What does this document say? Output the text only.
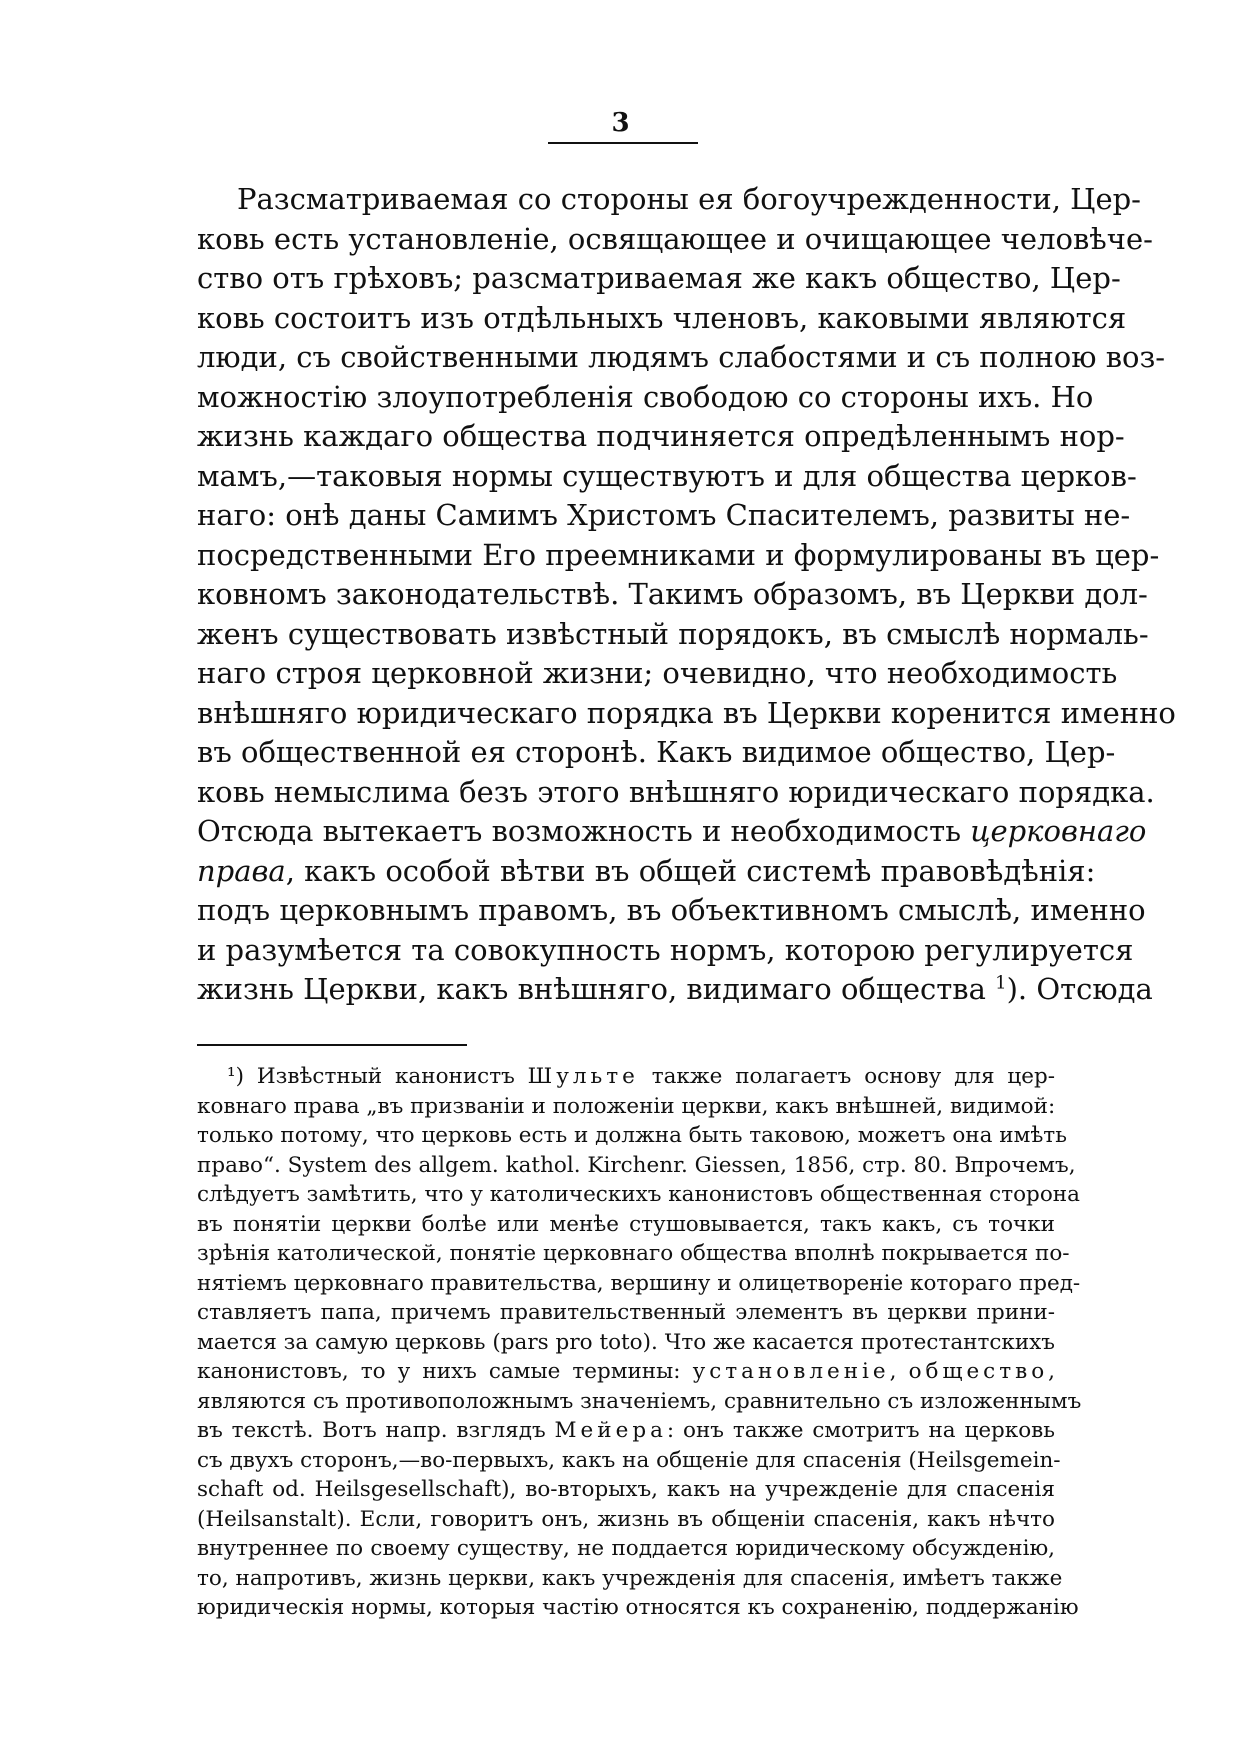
3
Разсматриваемая со стороны ея богоучрежденности, Цер-
ковь есть установленіе, освящающее и очищающее человѣче-
ство отъ грѣховъ; разсматриваемая же какъ общество, Цер-
ковь состоитъ изъ отдѣльныхъ членовъ, каковыми являются
люди, съ свойственными людямъ слабостями и съ полною воз-
можностію злоупотребленія свободою со стороны ихъ. Но
жизнь каждаго общества подчиняется опредѣленнымъ нор-
мамъ,—таковыя нормы существуютъ и для общества церков-
наго: онѣ даны Самимъ Христомъ Спасителемъ, развиты не-
посредственными Его преемниками и формулированы въ цер-
ковномъ законодательствѣ. Такимъ образомъ, въ Церкви дол-
женъ существовать извѣстный порядокъ, въ смыслѣ нормаль-
наго строя церковной жизни; очевидно, что необходимость
внѣшняго юридическаго порядка въ Церкви коренится именно
въ общественной ея сторонѣ. Какъ видимое общество, Цер-
ковь немыслима безъ этого внѣшняго юридическаго порядка.
Отсюда вытекаетъ возможность и необходимость церковнаго
права, какъ особой вѣтви въ общей системѣ правовѣдѣнія:
подъ церковнымъ правомъ, въ объективномъ смыслѣ, именно
и разумѣется та совокупность нормъ, которою регулируется
жизнь Церкви, какъ внѣшняго, видимаго общества $^1$). Отсюда
¹) Извѣстный канонистъ Шульте также полагаетъ основу для цер-
ковнаго права „въ призваніи и положеніи церкви, какъ внѣшней, видимой:
только потому, что церковь есть и должна быть таковою, можетъ она имѣть
право“. System des allgem. kathol. Kirchenr. Giessen, 1856, стр. 80. Впрочемъ,
слѣдуетъ замѣтить, что у католическихъ канонистовъ общественная сторона
въ понятіи церкви болѣе или менѣе стушовывается, такъ какъ, съ точки
зрѣнія католической, понятіе церковнаго общества вполнѣ покрывается по-
нятіемъ церковнаго правительства, вершину и олицетвореніе котораго пред-
ставляетъ папа, причемъ правительственный элементъ въ церкви прини-
мается за самую церковь (pars pro toto). Что же касается протестантскихъ
канонистовъ, то у нихъ самые термины: установленіе, общество,
являются съ противоположнымъ значеніемъ, сравнительно съ изложеннымъ
въ текстѣ. Вотъ напр. взглядъ Мейера: онъ также смотритъ на церковь
съ двухъ сторонъ,—во-первыхъ, какъ на общеніе для спасенія (Heilsgemein-
schaft od. Heilsgesellschaft), во-вторыхъ, какъ на учрежденіе для спасенія
(Heilsanstalt). Если, говоритъ онъ, жизнь въ общеніи спасенія, какъ нѣчто
внутреннее по своему существу, не поддается юридическому обсужденію,
то, напротивъ, жизнь церкви, какъ учрежденія для спасенія, имѣетъ также
юридическія нормы, которыя частію относятся къ сохраненію, поддержанію
